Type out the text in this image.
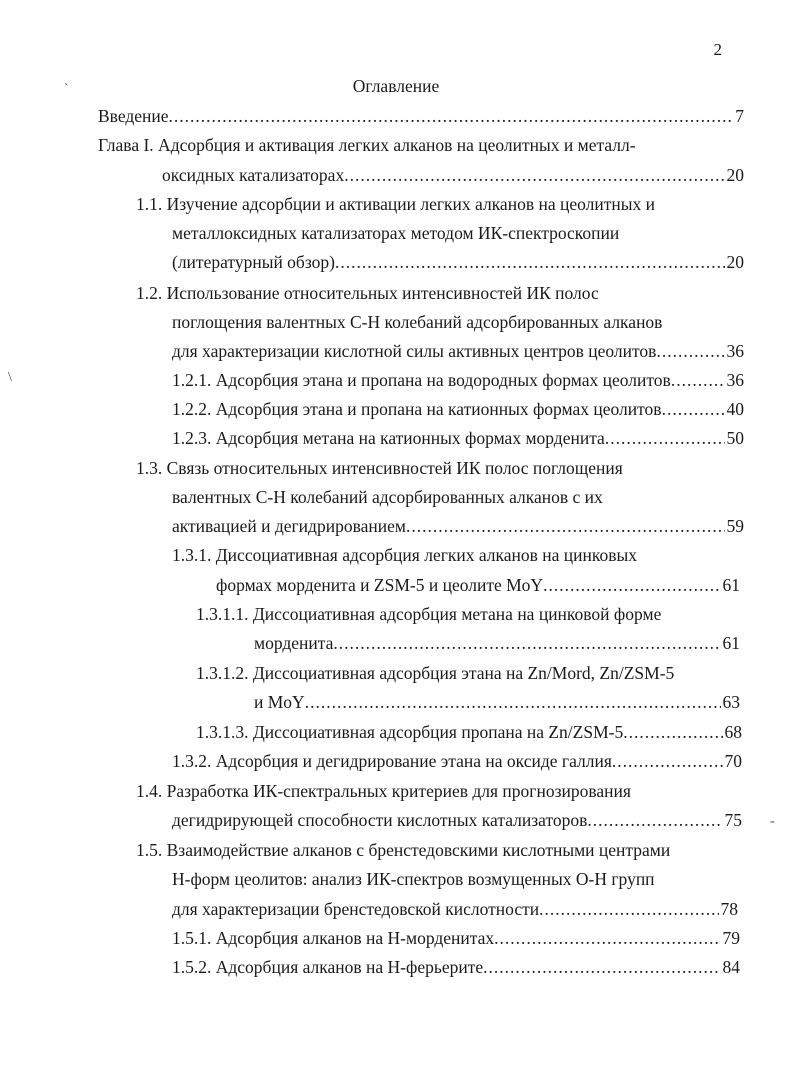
2
Оглавление
`
\
-
Введение .....	7
Глава I. Адсорбция и активация легких алканов на цеолитных и металл-
оксидных катализаторах .....	20
1.1. Изучение адсорбции и активации легких алканов на цеолитных и
металлоксидных катализаторах методом ИК-спектроскопии
(литературный обзор) .....	20
1.2. Использование относительных интенсивностей ИК полос
поглощения валентных С-Н колебаний адсорбированных алканов
для характеризации кислотной силы активных центров цеолитов .....	36
1.2.1. Адсорбция этана и пропана на водородных формах цеолитов .....	36
1.2.2. Адсорбция этана и пропана на катионных формах цеолитов .....	40
1.2.3. Адсорбция метана на катионных формах морденита .....	50
1.3. Связь относительных интенсивностей ИК полос поглощения
валентных С-Н колебаний адсорбированных алканов с их
активацией и дегидрированием .....	59
1.3.1. Диссоциативная адсорбция легких алканов на цинковых
формах морденита и ZSM-5 и цеолите MoY .....	61
1.3.1.1. Диссоциативная адсорбция метана на цинковой форме
морденита .....	61
1.3.1.2. Диссоциативная адсорбция этана на Zn/Mord, Zn/ZSM-5
и MoY .....	63
1.3.1.3. Диссоциативная адсорбция пропана на Zn/ZSM-5 .....	68
1.3.2. Адсорбция и дегидрирование этана на оксиде галлия .....	70
1.4. Разработка ИК-спектральных критериев для прогнозирования
дегидрирующей способности кислотных катализаторов .....	75
1.5. Взаимодействие алканов с бренстедовскими кислотными центрами
Н-форм цеолитов: анализ ИК-спектров возмущенных О-Н групп
для характеризации бренстедовской кислотности .....	78
1.5.1. Адсорбция алканов на Н-морденитах .....	79
1.5.2. Адсорбция алканов на Н-ферьерите .....	84
